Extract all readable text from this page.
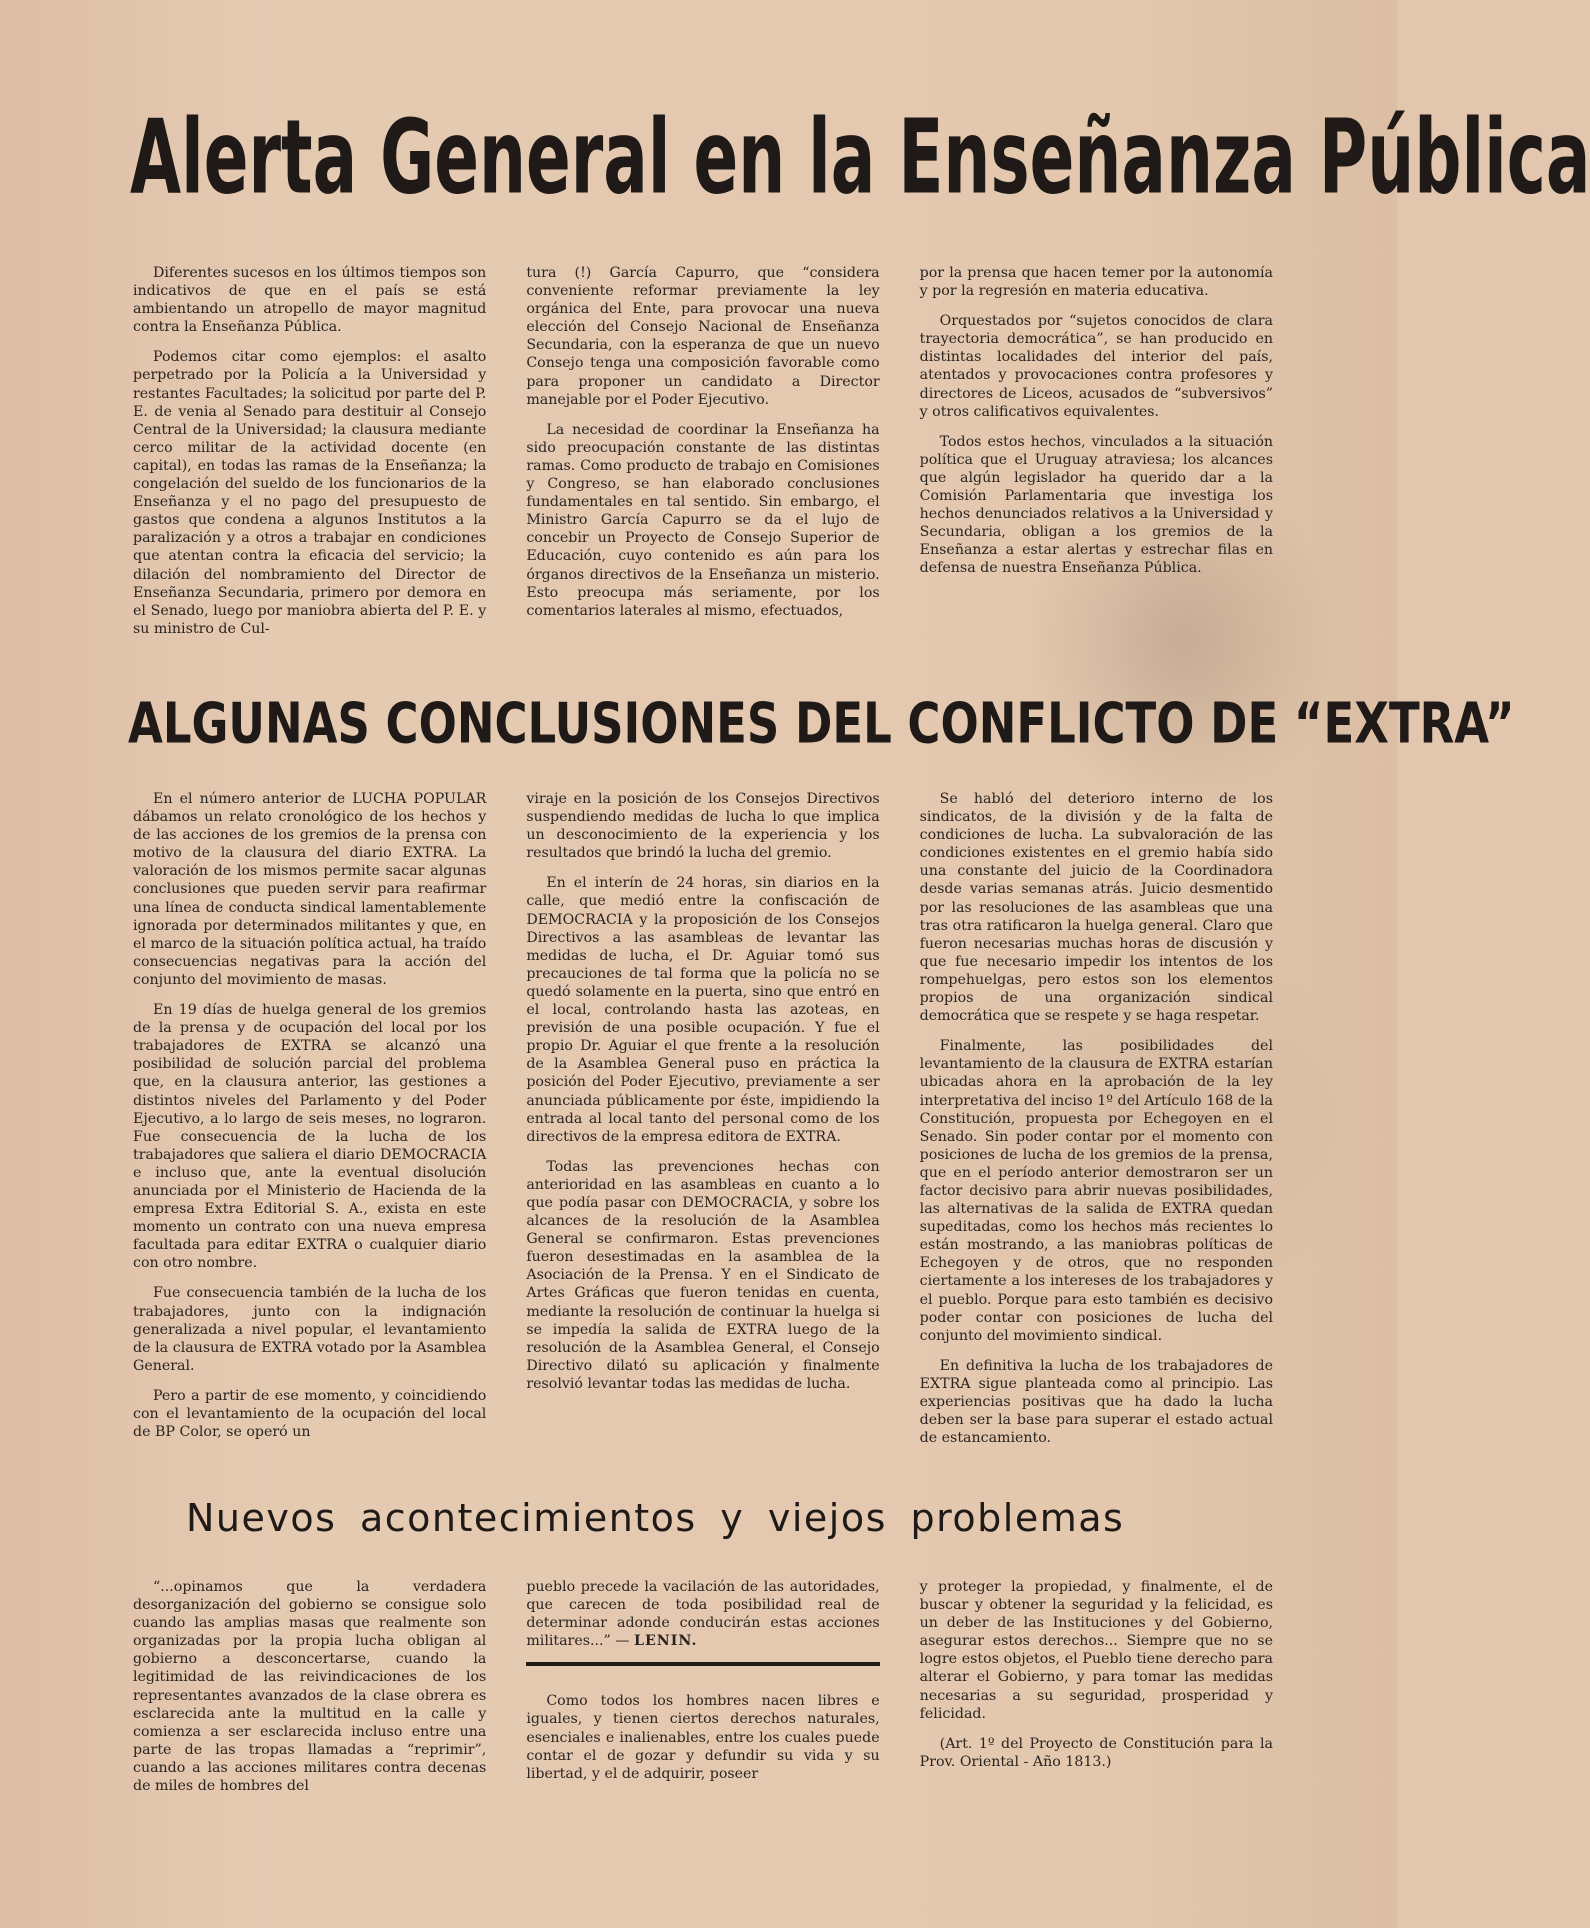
Alerta General en la Enseñanza Pública

Diferentes sucesos en los últimos tiempos son indicativos de que en el país se está ambientando un atropello de mayor magnitud contra la Enseñanza Pública.

Podemos citar como ejemplos: el asalto perpetrado por la Policía a la Universidad y restantes Facultades; la solicitud por parte del P. E. de venia al Senado para destituir al Consejo Central de la Universidad; la clausura mediante cerco militar de la actividad docente (en capital), en todas las ramas de la Enseñanza; la congelación del sueldo de los funcionarios de la Enseñanza y el no pago del presupuesto de gastos que condena a algunos Institutos a la paralización y a otros a trabajar en condiciones que atentan contra la eficacia del servicio; la dilación del nombramiento del Director de Enseñanza Secundaria, primero por demora en el Senado, luego por maniobra abierta del P. E. y su ministro de Cul-

tura (!) García Capurro, que “considera conveniente reformar previamente la ley orgánica del Ente, para provocar una nueva elección del Consejo Nacional de Enseñanza Secundaria, con la esperanza de que un nuevo Consejo tenga una composición favorable como para proponer un candidato a Director manejable por el Poder Ejecutivo.

La necesidad de coordinar la Enseñanza ha sido preocupación constante de las distintas ramas. Como producto de trabajo en Comisiones y Congreso, se han elaborado conclusiones fundamentales en tal sentido. Sin embargo, el Ministro García Capurro se da el lujo de concebir un Proyecto de Consejo Superior de Educación, cuyo contenido es aún para los órganos directivos de la Enseñanza un misterio. Esto preocupa más seriamente, por los comentarios laterales al mismo, efectuados,

por la prensa que hacen temer por la autonomía y por la regresión en materia educativa.

Orquestados por “sujetos conocidos de clara trayectoria democrática”, se han producido en distintas localidades del interior del país, atentados y provocaciones contra profesores y directores de Liceos, acusados de “subversivos” y otros calificativos equivalentes.

Todos estos hechos, vinculados a la situación política que el Uruguay atraviesa; los alcances que algún legislador ha querido dar a la Comisión Parlamentaria que investiga los hechos denunciados relativos a la Universidad y Secundaria, obligan a los gremios de la Enseñanza a estar alertas y estrechar filas en defensa de nuestra Enseñanza Pública.

ALGUNAS CONCLUSIONES DEL CONFLICTO DE “EXTRA”

En el número anterior de LUCHA POPULAR dábamos un relato cronológico de los hechos y de las acciones de los gremios de la prensa con motivo de la clausura del diario EXTRA. La valoración de los mismos permite sacar algunas conclusiones que pueden servir para reafirmar una línea de conducta sindical lamentablemente ignorada por determinados militantes y que, en el marco de la situación política actual, ha traído consecuencias negativas para la acción del conjunto del movimiento de masas.

En 19 días de huelga general de los gremios de la prensa y de ocupación del local por los trabajadores de EXTRA se alcanzó una posibilidad de solución parcial del problema que, en la clausura anterior, las gestiones a distintos niveles del Parlamento y del Poder Ejecutivo, a lo largo de seis meses, no lograron. Fue consecuencia de la lucha de los trabajadores que saliera el diario DEMOCRACIA e incluso que, ante la eventual disolución anunciada por el Ministerio de Hacienda de la empresa Extra Editorial S. A., exista en este momento un contrato con una nueva empresa facultada para editar EXTRA o cualquier diario con otro nombre.

Fue consecuencia también de la lucha de los trabajadores, junto con la indignación generalizada a nivel popular, el levantamiento de la clausura de EXTRA votado por la Asamblea General.

Pero a partir de ese momento, y coincidiendo con el levantamiento de la ocupación del local de BP Color, se operó un

viraje en la posición de los Consejos Directivos suspendiendo medidas de lucha lo que implica un desconocimiento de la experiencia y los resultados que brindó la lucha del gremio.

En el interín de 24 horas, sin diarios en la calle, que medió entre la confiscación de DEMOCRACIA y la proposición de los Consejos Directivos a las asambleas de levantar las medidas de lucha, el Dr. Aguiar tomó sus precauciones de tal forma que la policía no se quedó solamente en la puerta, sino que entró en el local, controlando hasta las azoteas, en previsión de una posible ocupación. Y fue el propio Dr. Aguiar el que frente a la resolución de la Asamblea General puso en práctica la posición del Poder Ejecutivo, previamente a ser anunciada públicamente por éste, impidiendo la entrada al local tanto del personal como de los directivos de la empresa editora de EXTRA.

Todas las prevenciones hechas con anterioridad en las asambleas en cuanto a lo que podía pasar con DEMOCRACIA, y sobre los alcances de la resolución de la Asamblea General se confirmaron. Estas prevenciones fueron desestimadas en la asamblea de la Asociación de la Prensa. Y en el Sindicato de Artes Gráficas que fueron tenidas en cuenta, mediante la resolución de continuar la huelga si se impedía la salida de EXTRA luego de la resolución de la Asamblea General, el Consejo Directivo dilató su aplicación y finalmente resolvió levantar todas las medidas de lucha.

Se habló del deterioro interno de los sindicatos, de la división y de la falta de condiciones de lucha. La subvaloración de las condiciones existentes en el gremio había sido una constante del juicio de la Coordinadora desde varias semanas atrás. Juicio desmentido por las resoluciones de las asambleas que una tras otra ratificaron la huelga general. Claro que fueron necesarias muchas horas de discusión y que fue necesario impedir los intentos de los rompehuelgas, pero estos son los elementos propios de una organización sindical democrática que se respete y se haga respetar.

Finalmente, las posibilidades del levantamiento de la clausura de EXTRA estarían ubicadas ahora en la aprobación de la ley interpretativa del inciso 1º del Artículo 168 de la Constitución, propuesta por Echegoyen en el Senado. Sin poder contar por el momento con posiciones de lucha de los gremios de la prensa, que en el período anterior demostraron ser un factor decisivo para abrir nuevas posibilidades, las alternativas de la salida de EXTRA quedan supeditadas, como los hechos más recientes lo están mostrando, a las maniobras políticas de Echegoyen y de otros, que no responden ciertamente a los intereses de los trabajadores y el pueblo. Porque para esto también es decisivo poder contar con posiciones de lucha del conjunto del movimiento sindical.

En definitiva la lucha de los trabajadores de EXTRA sigue planteada como al principio. Las experiencias positivas que ha dado la lucha deben ser la base para superar el estado actual de estancamiento.

Nuevos acontecimientos y viejos problemas

“...opinamos que la verdadera desorganización del gobierno se consigue solo cuando las amplias masas que realmente son organizadas por la propia lucha obligan al gobierno a desconcertarse, cuando la legitimidad de las reivindicaciones de los representantes avanzados de la clase obrera es esclarecida ante la multitud en la calle y comienza a ser esclarecida incluso entre una parte de las tropas llamadas a “reprimir”, cuando a las acciones militares contra decenas de miles de hombres del

pueblo precede la vacilación de las autoridades, que carecen de toda posibilidad real de determinar adonde conducirán estas acciones militares...” — LENIN.

Como todos los hombres nacen libres e iguales, y tienen ciertos derechos naturales, esenciales e inalienables, entre los cuales puede contar el de gozar y defundir su vida y su libertad, y el de adquirir, poseer

y proteger la propiedad, y finalmente, el de buscar y obtener la seguridad y la felicidad, es un deber de las Instituciones y del Gobierno, asegurar estos derechos... Siempre que no se logre estos objetos, el Pueblo tiene derecho para alterar el Gobierno, y para tomar las medidas necesarias a su seguridad, prosperidad y felicidad.

(Art. 1º del Proyecto de Constitución para la Prov. Oriental - Año 1813.)
